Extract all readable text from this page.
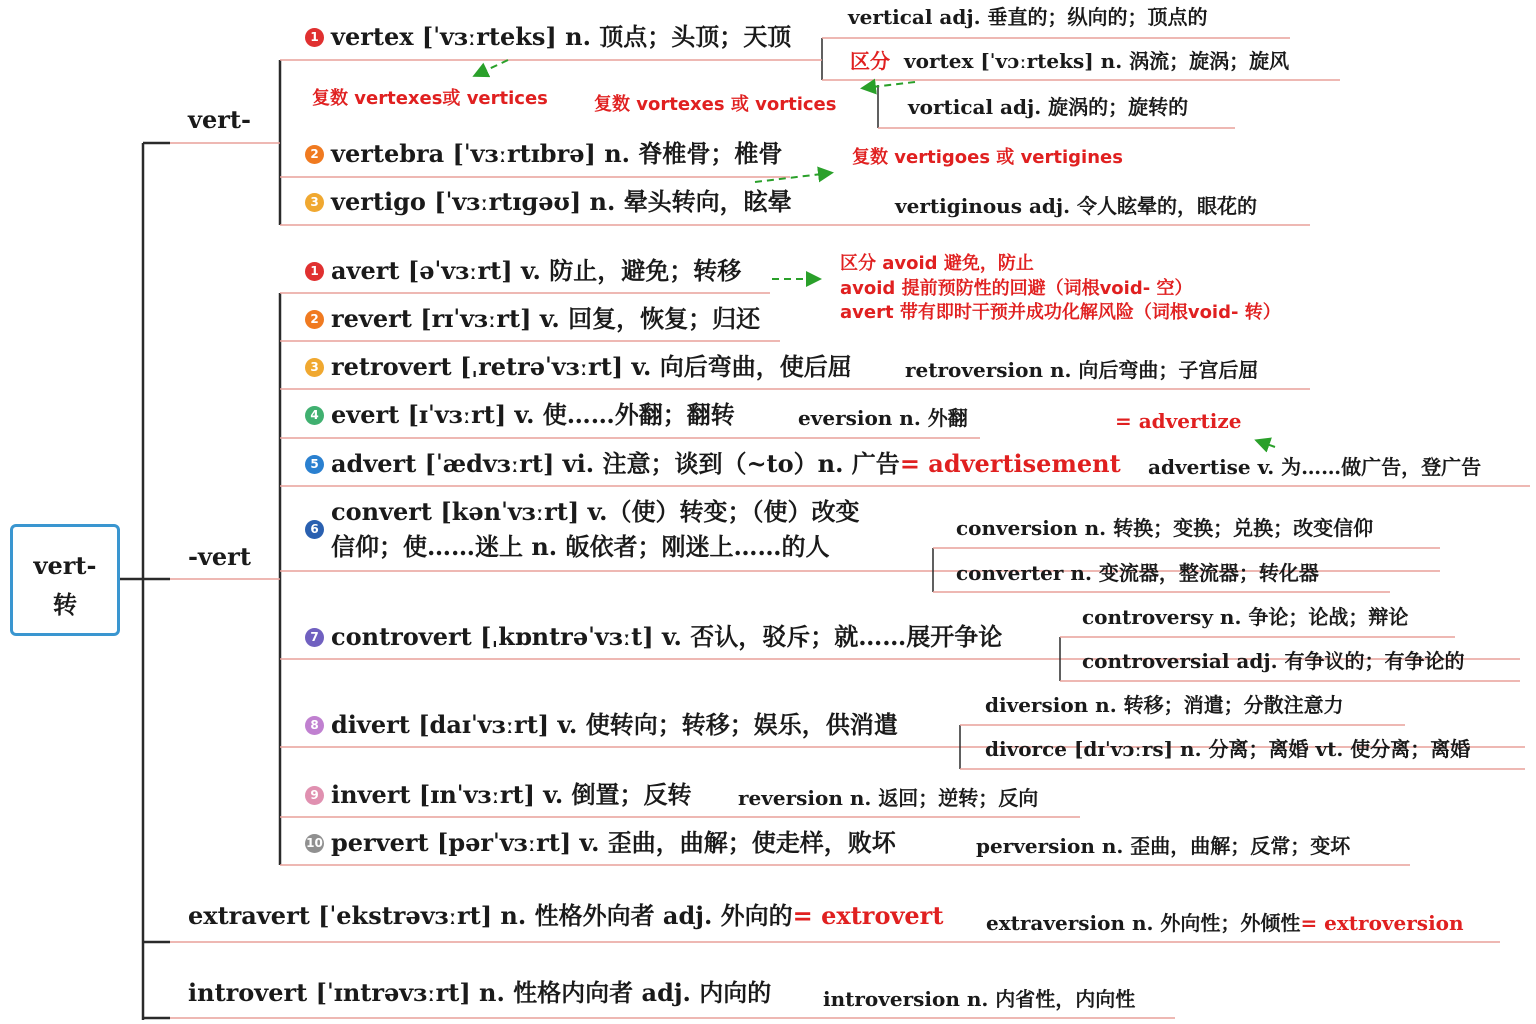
vert-
转
vert-
-vert
1 vertex [ˈvɜːrteks] n. 顶点；头顶；天顶
2 vertebra [ˈvɜːrtɪbrə] n. 脊椎骨；椎骨
3 vertigo [ˈvɜːrtɪɡəʊ] n. 晕头转向，眩晕
vertical adj. 垂直的；纵向的；顶点的
区分 vortex [ˈvɔːrteks] n. 涡流；旋涡；旋风
vortical adj. 旋涡的；旋转的
复数 vertexes或 vertices	复数 vortexes 或 vortices
复数 vertigoes 或 vertigines
vertiginous adj. 令人眩晕的，眼花的
1 avert [əˈvɜːrt] v. 防止，避免；转移
2 revert [rɪˈvɜːrt] v. 回复，恢复；归还
3 retrovert [ˌretrəˈvɜːrt] v. 向后弯曲，使后屈
4 evert [ɪˈvɜːrt] v. 使……外翻；翻转
5 advert [ˈædvɜːrt] vi. 注意；谈到（~to）n. 广告= advertisement
6
convert [kənˈvɜːrt] v.（使）转变；（使）改变
信仰；使……迷上 n. 皈依者；刚迷上……的人
7 controvert [ˌkɒntrəˈvɜːt] v. 否认，驳斥；就……展开争论
8 divert [daɪˈvɜːrt] v. 使转向；转移；娱乐，供消遣
9 invert [ɪnˈvɜːrt] v. 倒置；反转
10 pervert [pərˈvɜːrt] v. 歪曲，曲解；使走样，败坏
区分 avoid 避免，防止
avoid 提前预防性的回避（词根void- 空）
avert 带有即时干预并成功化解风险（词根void- 转）
retroversion n. 向后弯曲；子宫后屈
eversion n. 外翻	= advertize
advertise v. 为……做广告，登广告
conversion n. 转换；变换；兑换；改变信仰
converter n. 变流器，整流器；转化器
controversy n. 争论；论战；辩论
controversial adj. 有争议的；有争论的
diversion n. 转移；消遣；分散注意力
divorce [dɪˈvɔːrs] n. 分离；离婚 vt. 使分离；离婚
reversion n. 返回；逆转；反向
perversion n. 歪曲，曲解；反常；变坏
extravert [ˈekstrəvɜːrt] n. 性格外向者 adj. 外向的= extrovert extraversion n. 外向性；外倾性= extroversion
introvert [ˈɪntrəvɜːrt] n. 性格内向者 adj. 内向的	introversion n. 内省性，内向性
